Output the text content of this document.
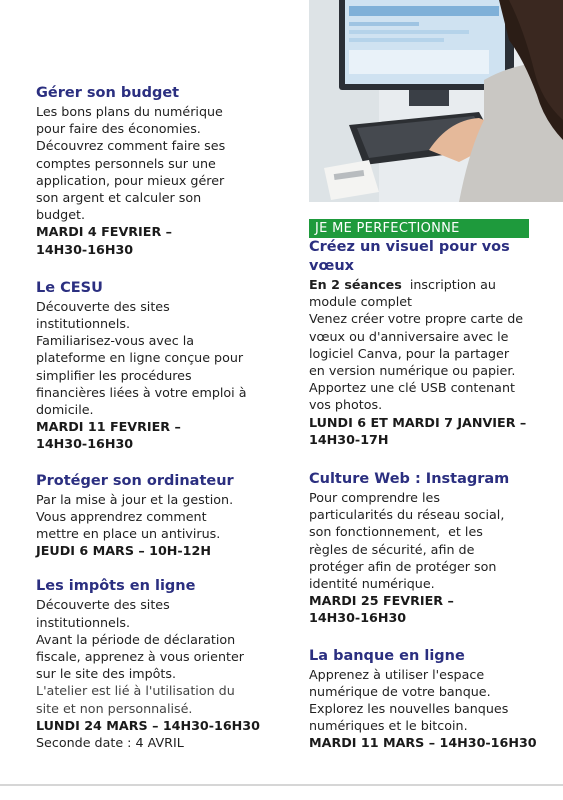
Gérer son budget
Les bons plans du numérique
pour faire des économies.
Découvrez comment faire ses
comptes personnels sur une
application, pour mieux gérer
son argent et calculer son
budget.
MARDI 4 FEVRIER –
14H30-16H30
Le CESU
Découverte des sites
institutionnels.
Familiarisez-vous avec la
plateforme en ligne conçue pour
simplifier les procédures
financières liées à votre emploi à
domicile.
MARDI 11 FEVRIER –
14H30-16H30
Protéger son ordinateur
Par la mise à jour et la gestion.
Vous apprendrez comment
mettre en place un antivirus.
JEUDI 6 MARS – 10H-12H
Les impôts en ligne
Découverte des sites
institutionnels.
Avant la période de déclaration
fiscale, apprenez à vous orienter
sur le site des impôts.
L'atelier est lié à l'utilisation du
site et non personnalisé.
LUNDI 24 MARS – 14H30-16H30
Seconde date : 4 AVRIL
JE ME PERFECTIONNE
Créez un visuel pour vos
vœux
En 2 séances  inscription au
module complet
Venez créer votre propre carte de
vœux ou d'anniversaire avec le
logiciel Canva, pour la partager
en version numérique ou papier.
Apportez une clé USB contenant
vos photos.
LUNDI 6 ET MARDI 7 JANVIER –
14H30-17H
Culture Web : Instagram
Pour comprendre les
particularités du réseau social,
son fonctionnement,  et les
règles de sécurité, afin de
protéger afin de protéger son
identité numérique.
MARDI 25 FEVRIER –
14H30-16H30
La banque en ligne
Apprenez à utiliser l'espace
numérique de votre banque.
Explorez les nouvelles banques
numériques et le bitcoin.
MARDI 11 MARS – 14H30-16H30
